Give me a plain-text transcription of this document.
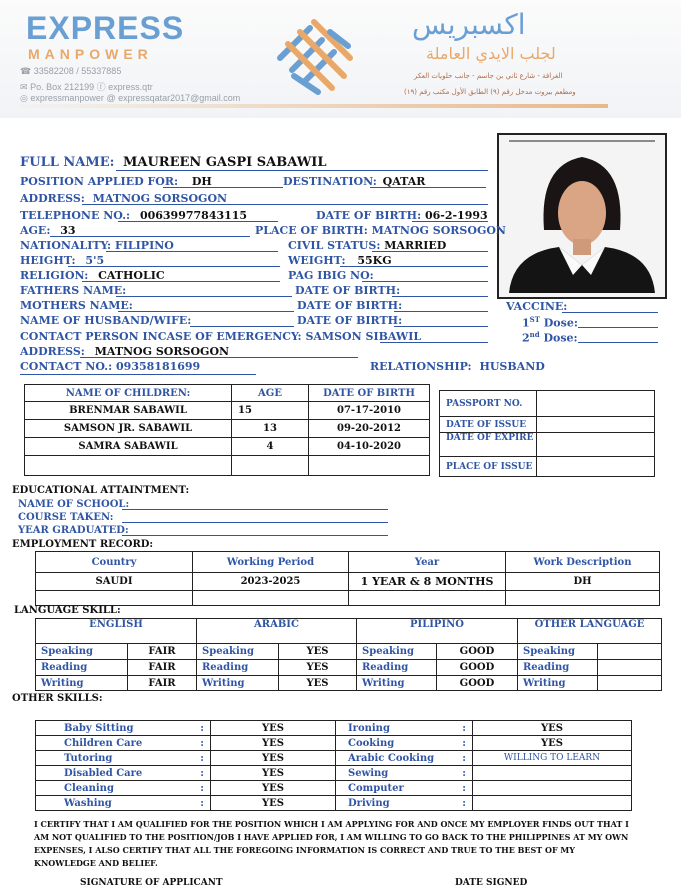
EXPRESS
MANPOWER
☎ 33582208 / 55337885
✉ Po. Box 212199 ⓕ express.qtr
◎ expressmanpower @ expressqatar2017@gmail.com
اكسبريس
لجلب الايدي العاملة
الغرافة - شارع ثاني بن جاسم - جانب حلويات العكر
ومطعم بيروت مدخل رقم (٩) الطابق الأول مكتب رقم (١٩)
FULL NAME: MAUREEN GASPI SABAWIL
POSITION APPLIED FOR: DH	DESTINATION: QATAR
ADDRESS: MATNOG SORSOGON
TELEPHONE NO.: 00639977843115	DATE OF BIRTH: 06-2-1993
AGE: 33	PLACE OF BIRTH: MATNOG SORSOGON
NATIONALITY: FILIPINO	CIVIL STATUS: MARRIED
HEIGHT: 5'5	WEIGHT: 55KG
RELIGION: CATHOLIC	PAG IBIG NO:
FATHERS NAME:	DATE OF BIRTH:
MOTHERS NAME:	DATE OF BIRTH:
NAME OF HUSBAND/WIFE:	DATE OF BIRTH:
CONTACT PERSON INCASE OF EMERGENCY: SAMSON SIBAWIL
ADDRESS: MATNOG SORSOGON
CONTACT NO.: 09358181699	RELATIONSHIP: HUSBAND
VACCINE:
1ST Dose:
2nd Dose:
NAME OF CHILDREN:	AGE	DATE OF BIRTH
BRENMAR SABAWIL	15	07-17-2010
SAMSON JR. SABAWIL	13	09-20-2012
SAMRA SABAWIL	4	04-10-2020

PASSPORT NO.	
DATE OF ISSUE	
DATE OF EXPIRE	
PLACE OF ISSUE	
EDUCATIONAL ATTAINTMENT:
NAME OF SCHOOL:
COURSE TAKEN:
YEAR GRADUATED:
EMPLOYMENT RECORD:
Country	Working Period	Year	Work Description
SAUDI	2023-2025	1 YEAR & 8 MONTHS	DH

LANGUAGE SKILL:
ENGLISH		ARABIC		PILIPINO		OTHER LANGUAGE	
Speaking	FAIR	Speaking	YES	Speaking	GOOD	Speaking	
Reading	FAIR	Reading	YES	Reading	GOOD	Reading	
Writing	FAIR	Writing	YES	Writing	GOOD	Writing	
OTHER SKILLS:
Baby Sitting :	YES	Ironing :	YES
Children Care :	YES	Cooking :	YES
Tutoring :	YES	Arabic Cooking :	WILLING TO LEARN
Disabled Care :	YES	Sewing :	

Cleaning :	YES	Computer :	

Washing :	YES	Driving :	

I CERTIFY THAT I AM QUALIFIED FOR THE POSITION WHICH I AM APPLYING FOR AND ONCE MY EMPLOYER FINDS OUT THAT I AM NOT QUALIFIED TO THE POSITION/JOB I HAVE APPLIED FOR, I AM WILLING TO GO BACK TO THE PHILIPPINES AT MY OWN EXPENSES, I ALSO CERTIFY THAT ALL THE FOREGOING INFORMATION IS CORRECT AND TRUE TO THE BEST OF MY KNOWLEDGE AND BELIEF.
SIGNATURE OF APPLICANT	DATE SIGNED
